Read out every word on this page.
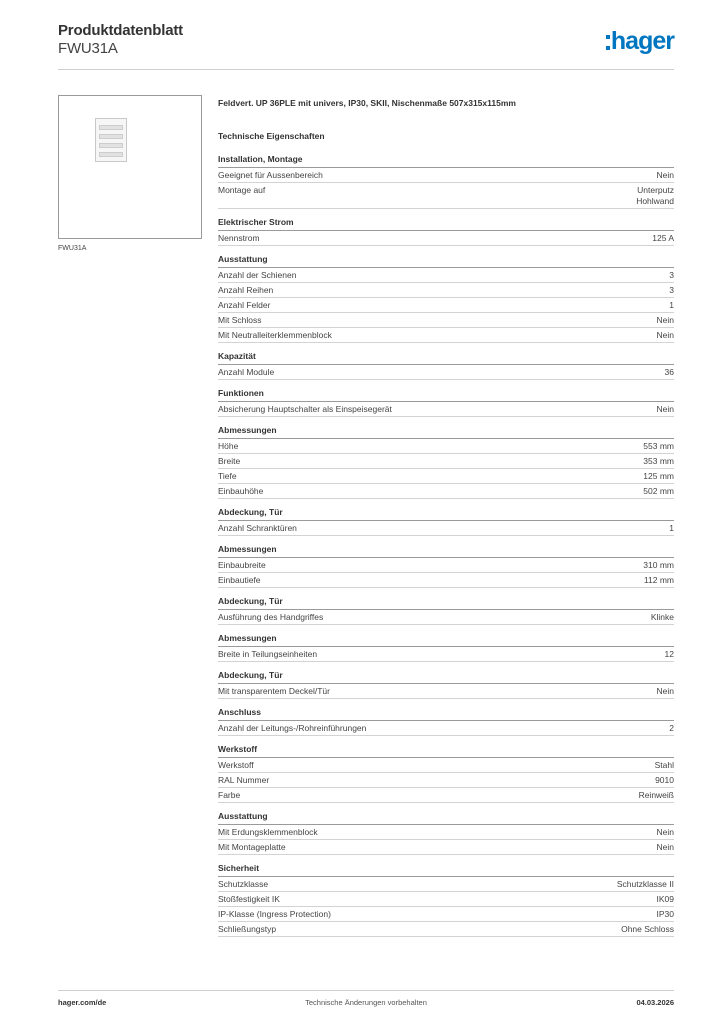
Produktdatenblatt
FWU31A	hager
FWU31A
Feldvert. UP 36PLE mit univers, IP30, SKII, Nischenmaße 507x315x115mm
Technische Eigenschaften
Installation, Montage
Geeignet für Aussenbereich	Nein
Montage auf	Unterputz
Hohlwand
Elektrischer Strom
Nennstrom	125 A
Ausstattung
Anzahl der Schienen	3
Anzahl Reihen	3
Anzahl Felder	1
Mit Schloss	Nein
Mit Neutralleiterklemmenblock	Nein
Kapazität
Anzahl Module	36
Funktionen
Absicherung Hauptschalter als Einspeisegerät	Nein
Abmessungen
Höhe	553 mm
Breite	353 mm
Tiefe	125 mm
Einbauhöhe	502 mm
Abdeckung, Tür
Anzahl Schranktüren	1
Abmessungen
Einbaubreite	310 mm
Einbautiefe	112 mm
Abdeckung, Tür
Ausführung des Handgriffes	Klinke
Abmessungen
Breite in Teilungseinheiten	12
Abdeckung, Tür
Mit transparentem Deckel/Tür	Nein
Anschluss
Anzahl der Leitungs-/Rohreinführungen	2
Werkstoff
Werkstoff	Stahl
RAL Nummer	9010
Farbe	Reinweiß
Ausstattung
Mit Erdungsklemmenblock	Nein
Mit Montageplatte	Nein
Sicherheit
Schutzklasse	Schutzklasse II
Stoßfestigkeit IK	IK09
IP-Klasse (Ingress Protection)	IP30
Schließungstyp	Ohne Schloss
hager.com/de	Technische Änderungen vorbehalten	04.03.2026
